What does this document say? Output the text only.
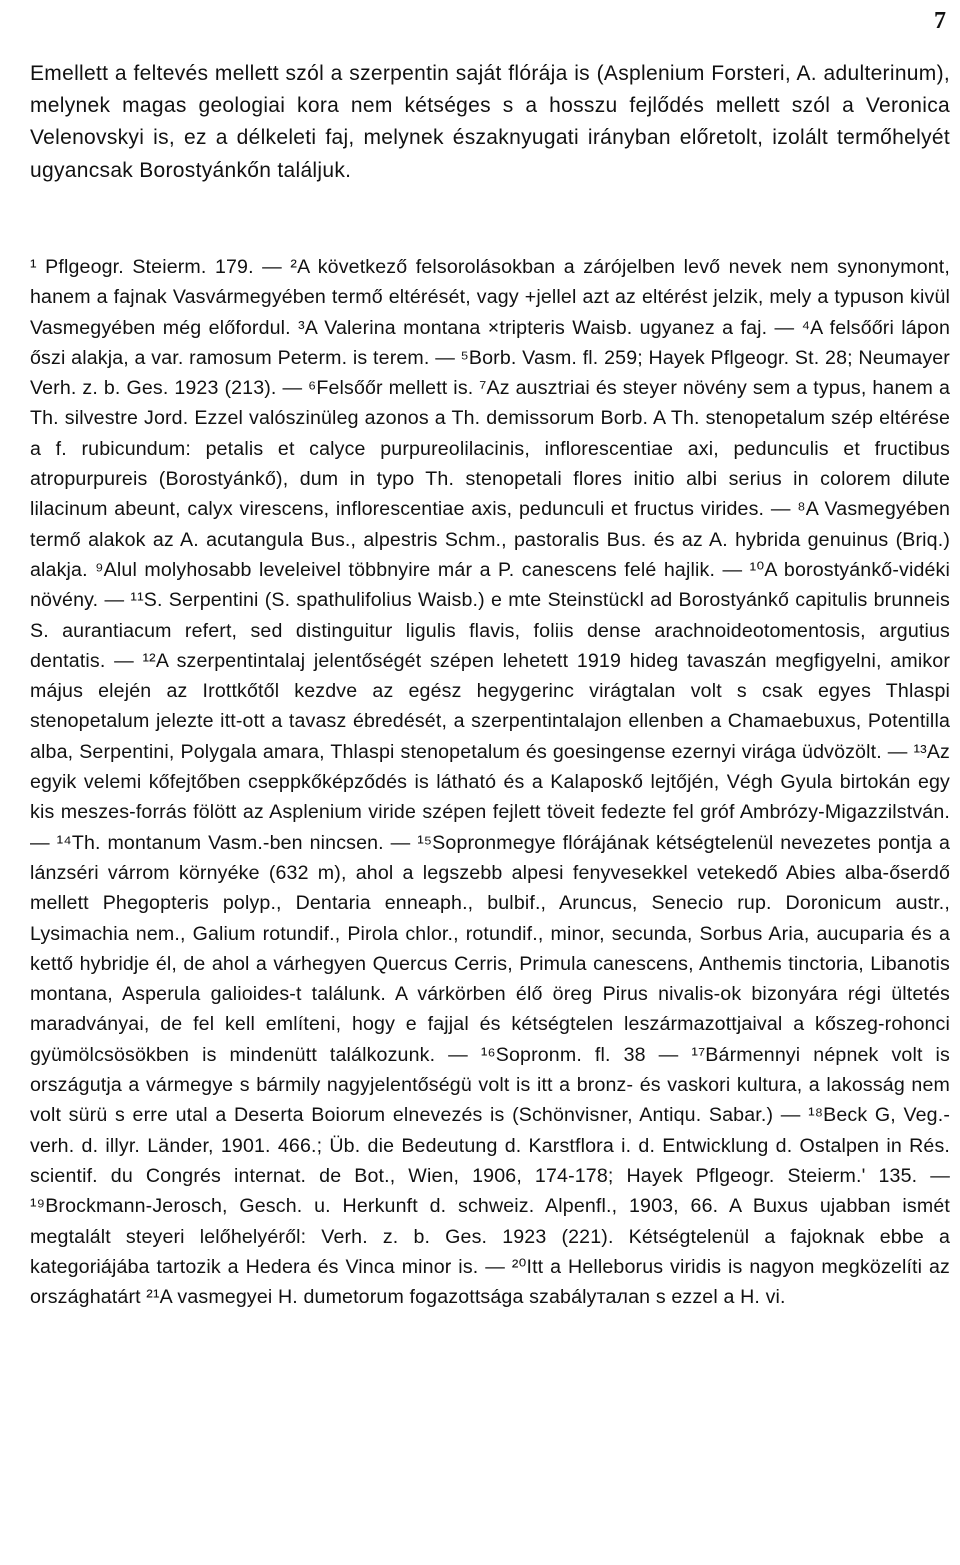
7
Emellett a feltevés mellett szól a szerpentin saját flórája is (Asplenium Forsteri, A. adulterinum), melynek magas geologiai kora nem kétséges s a hosszu fejlődés mellett szól a Veronica Velenovskyi is, ez a délkeleti faj, melynek északnyugati irányban előretolt, izolált termőhelyét ugyancsak Borostyánkőn találjuk.

¹ Pflgeogr. Steierm. 179. — ²A következő felsorolásokban a zárójelben levő nevek nem synonymont, hanem a fajnak Vasvármegyében termő eltérését, vagy +jellel azt az eltérést jelzik, mely a typuson kivül Vasmegyében még előfordul. ³A Valerina montana ×tripteris Waisb. ugyanez a faj. — ⁴A felsőőri lápon őszi alakja, a var. ramosum Peterm. is terem. — ⁵Borb. Vasm. fl. 259; Hayek Pflgeogr. St. 28; Neumayer Verh. z. b. Ges. 1923 (213). — ⁶Felsőőr mellett is. ⁷Az ausztriai és steyer növény sem a typus, hanem a Th. silvestre Jord. Ezzel valószinüleg azonos a Th. demissorum Borb. A Th. stenopetalum szép eltérése a f. rubicundum: petalis et calyce purpureolilacinis, inflorescentiae axi, pedunculis et fructibus atropurpureis (Borostyánkő), dum in typo Th. stenopetali flores initio albi serius in colorem dilute lilacinum abeunt, calyx virescens, inflorescentiae axis, pedunculi et fructus virides. — ⁸A Vasmegyében termő alakok az A. acutangula Bus., alpestris Schm., pastoralis Bus. és az A. hybrida genuinus (Briq.) alakja. ⁹Alul molyhosabb leveleivel többnyire már a P. canescens felé hajlik. — ¹⁰A borostyánkő-vidéki növény. — ¹¹S. Serpentini (S. spathulifolius Waisb.) e mte Steinstückl ad Borostyánkő capitulis brunneis S. aurantiacum refert, sed distinguitur ligulis flavis, foliis dense arachnoideotomentosis, argutius dentatis. — ¹²A szerpentintalaj jelentőségét szépen lehetett 1919 hideg tavaszán megfigyelni, amikor május elején az Irottkőtől kezdve az egész hegygerinc virágtalan volt s csak egyes Thlaspi stenopetalum jelezte itt-ott a tavasz ébredését, a szerpentintalajon ellenben a Chamaebuxus, Potentilla alba, Serpentini, Polygala amara, Thlaspi stenopetalum és goesingense ezernyi virága üdvözölt. — ¹³Az egyik velemi kőfejtőben cseppkőképződés is látható és a Kalaposkő lejtőjén, Végh Gyula birtokán egy kis meszes-forrás fölött az Asplenium viride szépen fejlett töveit fedezte fel gróf Ambrózy-Migazzilstván.— ¹⁴Th. montanum Vasm.-ben nincsen. — ¹⁵Sopronmegye flórájának kétségtelenül nevezetes pontja a lánzséri várrom környéke (632 m), ahol a legszebb alpesi fenyvesekkel vetekedő Abies alba-őserdő mellett Phegopteris polyp., Dentaria enneaph., bulbif., Aruncus, Senecio rup. Doronicum austr., Lysimachia nem., Galium rotundif., Pirola chlor., rotundif., minor, secunda, Sorbus Aria, aucuparia és a kettő hybridje él, de ahol a várhegyen Quercus Cerris, Primula canescens, Anthemis tinctoria, Libanotis montana, Asperula galioides-t találunk. A várkörben élő öreg Pirus nivalis-ok bizonyára régi ültetés maradványai, de fel kell említeni, hogy e fajjal és kétségtelen leszármazottjaival a kőszeg-rohonci gyümölcsösökben is mindenütt találkozunk. — ¹⁶Sopronm. fl. 38 — ¹⁷Bármennyi népnek volt is országutja a vármegye s bármily nagyjelentőségü volt is itt a bronz- és vaskori kultura, a lakosság nem volt sürü s erre utal a Deserta Boiorum elnevezés is (Schönvisner, Antiqu. Sabar.) — ¹⁸Beck G, Veg.-verh. d. illyr. Länder, 1901. 466.; Üb. die Bedeutung d. Karstflora i. d. Entwicklung d. Ostalpen in Rés. scientif. du Congrés internat. de Bot., Wien, 1906, 174-178; Hayek Pflgeogr. Steierm.' 135. — ¹⁹Brockmann-Jerosch, Gesch. u. Herkunft d. schweiz. Alpenfl., 1903, 66. A Buxus ujabban ismét megtalált steyeri lelőhelyéről: Verh. z. b. Ges. 1923 (221). Kétségtelenül a fajoknak ebbe a kategoriájába tartozik a Hedera és Vinca minor is. — ²⁰Itt a Helleborus viridis is nagyon megközelíti az országhatárt ²¹A vasmegyei H. dumetorum fogazottsága szabályталan s ezzel a H. vi.
